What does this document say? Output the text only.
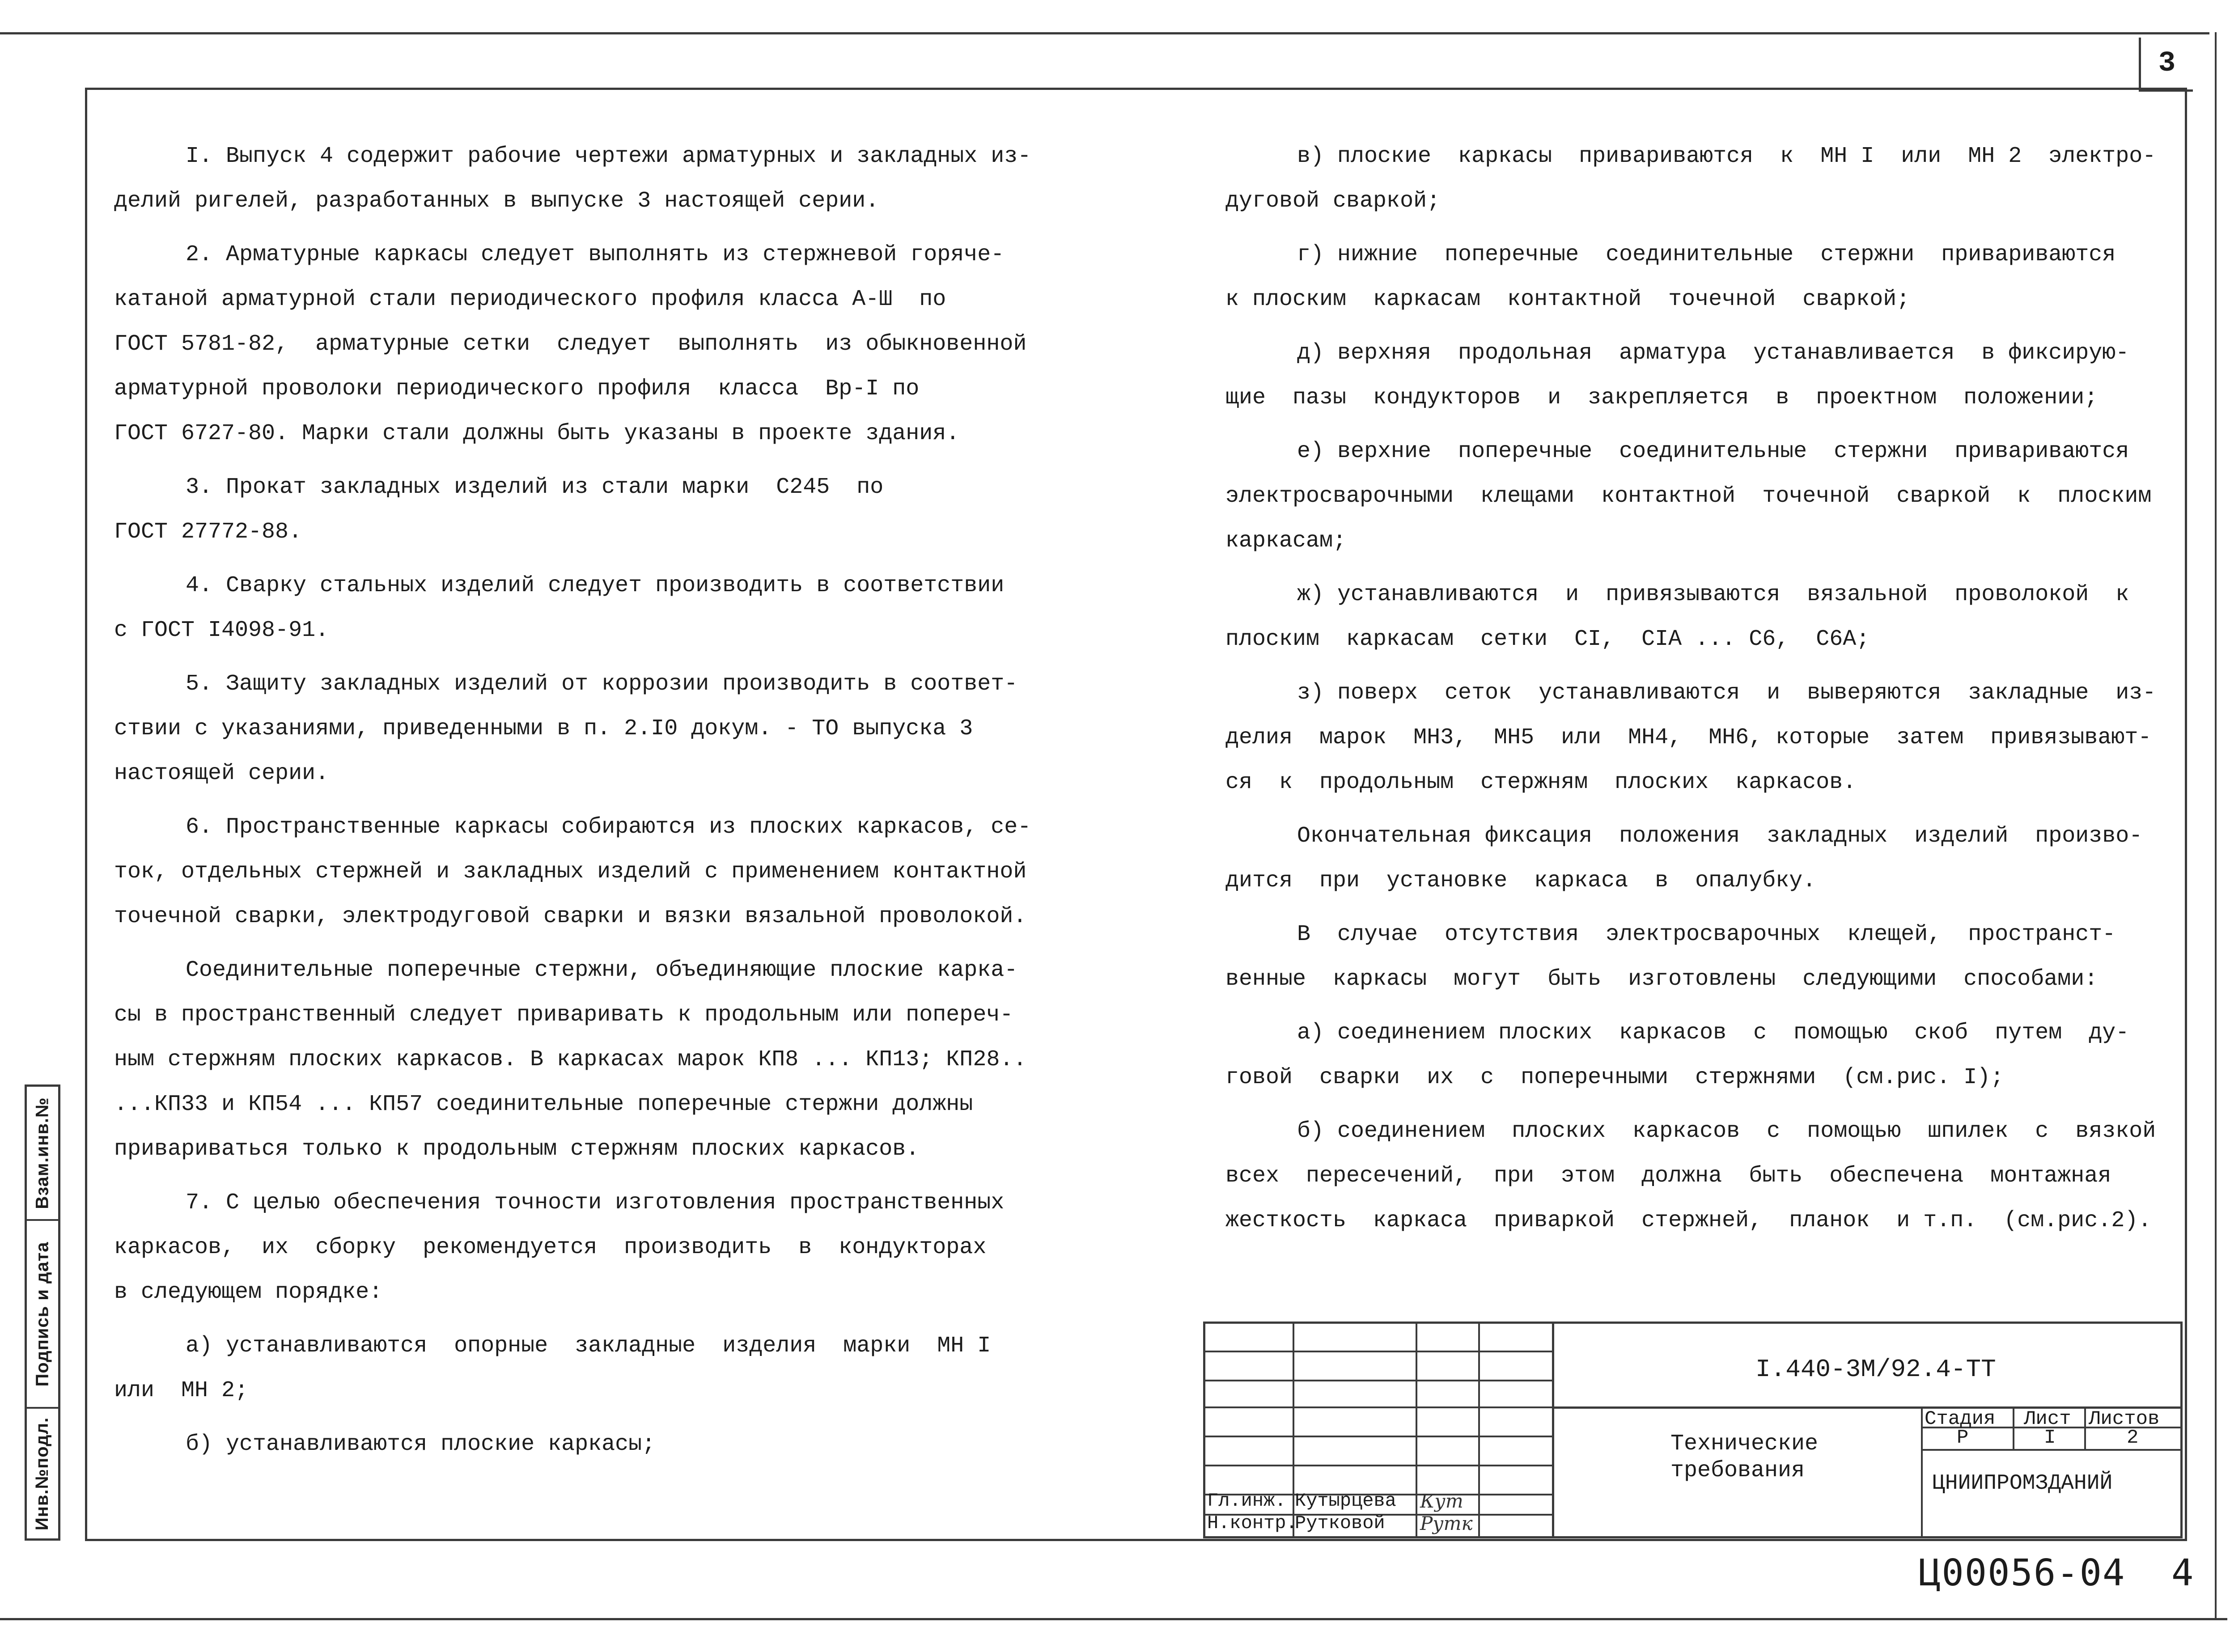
3

I. Выпуск 4 содержит рабочие чертежи арматурных и закладных из-

делий ригелей, разработанных в выпуске 3 настоящей серии.

2. Арматурные каркасы следует выполнять из стержневой горяче-

катаной арматурной стали периодического профиля класса А-Ш  по

ГОСТ 5781-82,  арматурные сетки  следует  выполнять  из обыкновенной

арматурной проволоки периодического профиля  класса  Вр-I по

ГОСТ 6727-80. Марки стали должны быть указаны в проекте здания.

3. Прокат закладных изделий из стали марки  С245  по

ГОСТ 27772-88.

4. Сварку стальных изделий следует производить в соответствии

с ГОСТ I4098-91.

5. Защиту закладных изделий от коррозии производить в соответ-

ствии с указаниями, приведенными в п. 2.I0 докум. - ТО выпуска 3

настоящей серии.

6. Пространственные каркасы собираются из плоских каркасов, се-

ток, отдельных стержней и закладных изделий с применением контактной

точечной сварки, электродуговой сварки и вязки вязальной проволокой.

Соединительные поперечные стержни, объединяющие плоские карка-

сы в пространственный следует приваривать к продольным или попереч-

ным стержням плоских каркасов. В каркасах марок КП8 ... КП13; КП28..

...КП33 и КП54 ... КП57 соединительные поперечные стержни должны

привариваться только к продольным стержням плоских каркасов.

7. С целью обеспечения точности изготовления пространственных

каркасов,  их  сборку  рекомендуется  производить  в  кондукторах

в следующем порядке:

а) устанавливаются  опорные  закладные  изделия  марки  МН I

или  МН 2;

б) устанавливаются плоские каркасы;

в) плоские  каркасы  привариваются  к  МН I  или  МН 2  электро-

дуговой сваркой;

г) нижние  поперечные  соединительные  стержни  привариваются

к плоским  каркасам  контактной  точечной  сваркой;

д) верхняя  продольная  арматура  устанавливается  в фиксирую-

щие  пазы  кондукторов  и  закрепляется  в  проектном  положении;

е) верхние  поперечные  соединительные  стержни  привариваются

электросварочными  клещами  контактной  точечной  сваркой  к  плоским

каркасам;

ж) устанавливаются  и  привязываются  вязальной  проволокой  к

плоским  каркасам  сетки  СI,  СIА ... С6,  С6А;

з) поверх  сеток  устанавливаются  и  выверяются  закладные  из-

делия  марок  МН3,  МН5  или  МН4,  МН6, которые  затем  привязывают-

ся  к  продольным  стержням  плоских  каркасов.

Окончательная фиксация  положения  закладных  изделий  произво-

дится  при  установке  каркаса  в  опалубку.

В  случае  отсутствия  электросварочных  клещей,  пространст-

венные  каркасы  могут  быть  изготовлены  следующими  способами:

а) соединением плоских  каркасов  с  помощью  скоб  путем  ду-

говой  сварки  их  с  поперечными  стержнями  (см.рис. I);

б) соединением  плоских  каркасов  с  помощью  шпилек  с  вязкой

всех  пересечений,  при  этом  должна  быть  обеспечена  монтажная

жесткость  каркаса  приваркой  стержней,  планок  и т.п.  (см.рис.2).

Взам.инв.№
Подпись и дата
Инв.№подл.	Гл.инж. Кутырцева Кут
Н.контр.
Рутковой Рутк
I.440-3М/92.4-ТТ
Технические
требования
Стадия Лист Листов
Р	I	2
ЦНИИПРОМЗДАНИЙ
Ц00056-04  4
